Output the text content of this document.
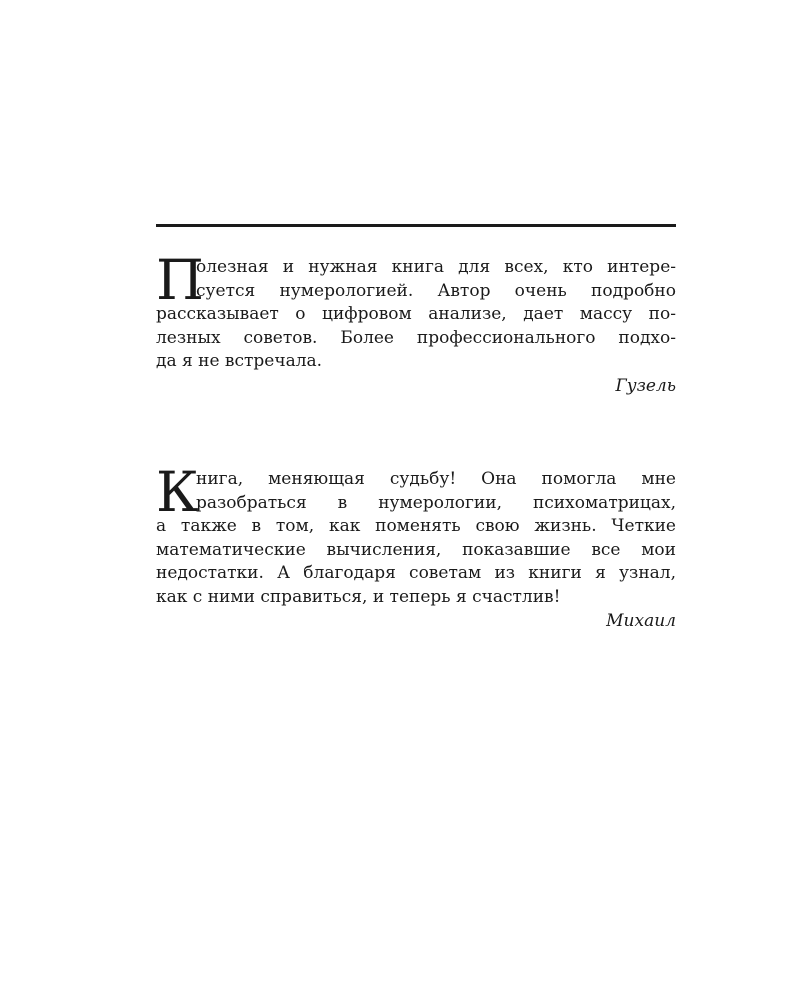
П
олезная и нужная книга для всех, кто интере-
суется нумерологией. Автор очень подробно
рассказывает о цифровом анализе, дает массу по-
лезных советов. Более профессионального подхо-
да я не встречала.
Гузель
К
нига, меняющая судьбу! Она помогла мне
разобраться в нумерологии, психоматрицах,
а также в том, как поменять свою жизнь. Четкие
математические вычисления, показавшие все мои
недостатки. А благодаря советам из книги я узнал,
как с ними справиться, и теперь я счастлив!
Михаил
